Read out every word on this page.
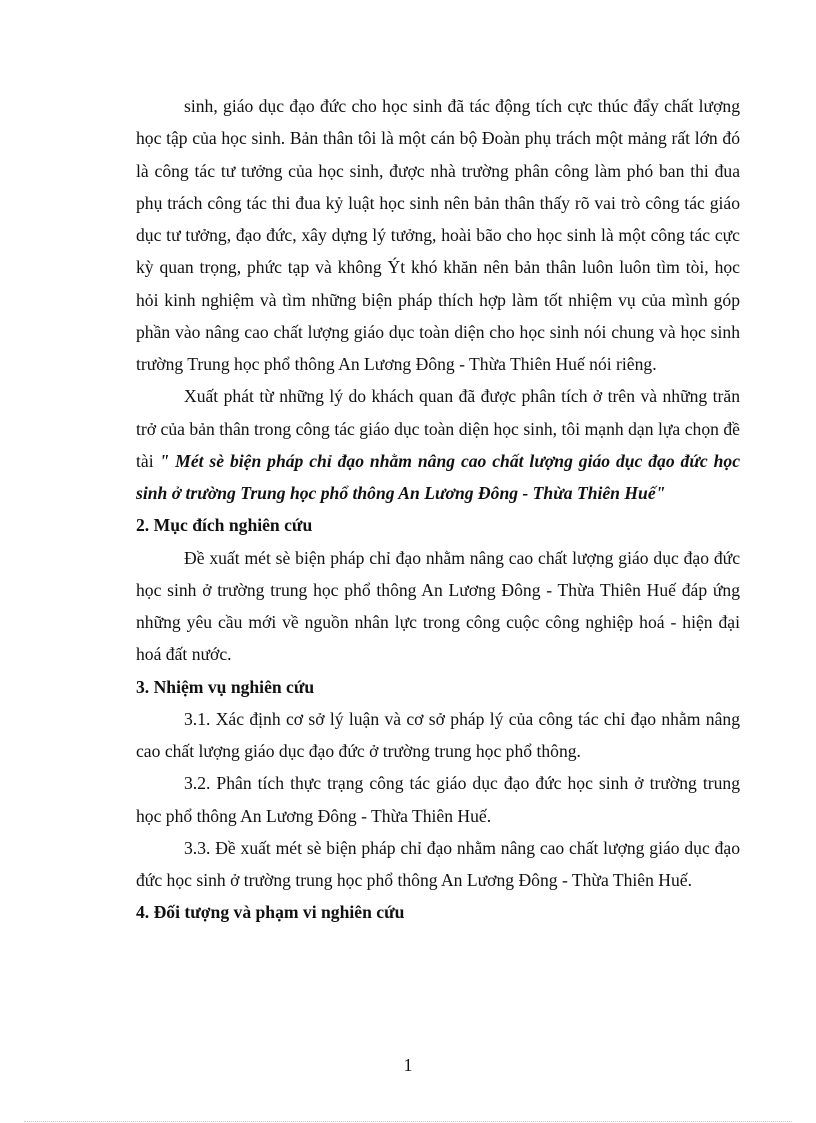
sinh, giáo dục đạo đức cho học sinh đã tác động tích cực thúc đẩy chất lượng học tập của học sinh. Bản thân tôi là một cán bộ Đoàn phụ trách một mảng rất lớn đó là công tác tư tưởng của học sinh, được nhà trường phân công làm phó ban thi đua phụ trách công tác thi đua kỷ luật học sinh nên bản thân thấy rõ vai trò công tác giáo dục tư tưởng, đạo đức, xây dựng lý tưởng, hoài bão cho học sinh là một công tác cực kỳ quan trọng, phức tạp và không Ýt khó khăn nên bản thân luôn luôn tìm tòi, học hỏi kinh nghiệm và tìm những biện pháp thích hợp làm tốt nhiệm vụ của mình góp phần vào nâng cao chất lượng giáo dục toàn diện cho học sinh nói chung và học sinh trường Trung học phổ thông An Lương Đông - Thừa Thiên Huế nói riêng.

Xuất phát từ những lý do khách quan đã được phân tích ở trên và những trăn trở của bản thân trong công tác giáo dục toàn diện học sinh, tôi mạnh dạn lựa chọn đề tài " Mét sè biện pháp chỉ đạo nhằm nâng cao chất lượng giáo dục đạo đức học sinh ở trường Trung học phổ thông An Lương Đông - Thừa Thiên Huế"

2. Mục đích nghiên cứu

Đề xuất mét sè biện pháp chỉ đạo nhằm nâng cao chất lượng giáo dục đạo đức học sinh ở trường trung học phổ thông An Lương Đông - Thừa Thiên Huế đáp ứng những yêu cầu mới về nguồn nhân lực trong công cuộc công nghiệp hoá - hiện đại hoá đất nước.

3. Nhiệm vụ nghiên cứu

3.1. Xác định cơ sở lý luận và cơ sở pháp lý của công tác chỉ đạo nhằm nâng cao chất lượng giáo dục đạo đức ở trường trung học phổ thông.

3.2. Phân tích thực trạng công tác giáo dục đạo đức học sinh ở trường trung học phổ thông An Lương Đông - Thừa Thiên Huế.

3.3. Đề xuất mét sè biện pháp chỉ đạo nhằm nâng cao chất lượng giáo dục đạo đức học sinh ở trường trung học phổ thông An Lương Đông - Thừa Thiên Huế.

4. Đối tượng và phạm vi nghiên cứu

1
